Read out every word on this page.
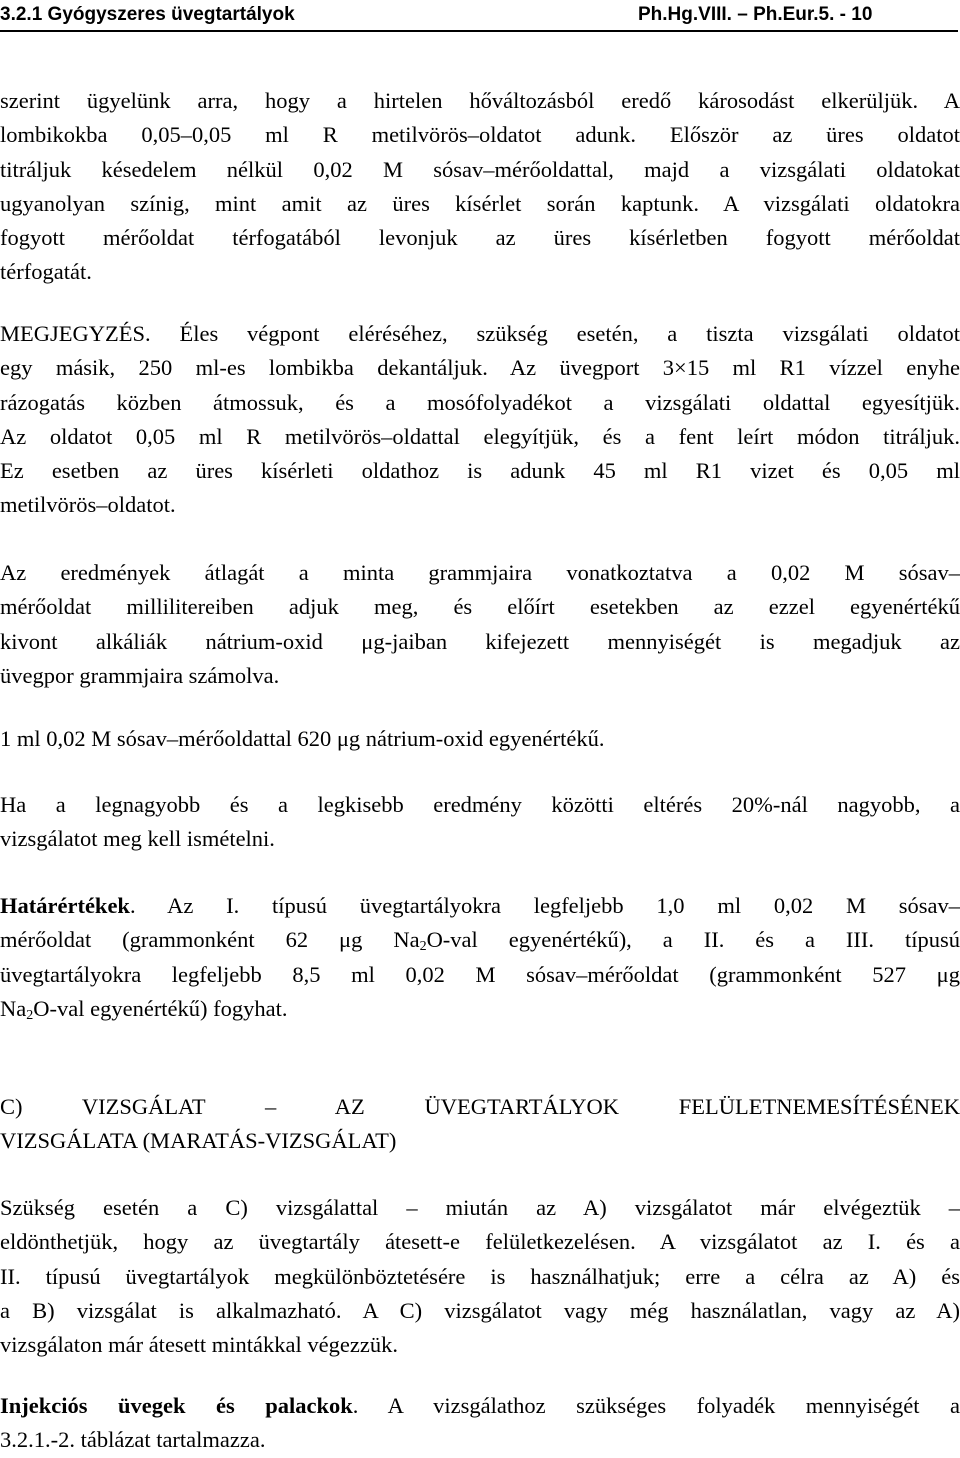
3.2.1 Gyógyszeres üvegtartályok	Ph.Hg.VIII. – Ph.Eur.5. - 10
szerint ügyelünk arra, hogy a hirtelen hőváltozásból eredő károsodást elkerüljük. A
lombikokba 0,05–0,05 ml R metilvörös–oldatot adunk. Először az üres oldatot
titráljuk késedelem nélkül 0,02 M sósav–mérőoldattal, majd a vizsgálati oldatokat
ugyanolyan színig, mint amit az üres kísérlet során kaptunk. A vizsgálati oldatokra
fogyott mérőoldat térfogatából levonjuk az üres kísérletben fogyott mérőoldat
térfogatát.
MEGJEGYZÉS. Éles végpont eléréséhez, szükség esetén, a tiszta vizsgálati oldatot
egy másik, 250 ml-es lombikba dekantáljuk. Az üvegport 3×15 ml R1 vízzel enyhe
rázogatás közben átmossuk, és a mosófolyadékot a vizsgálati oldattal egyesítjük.
Az oldatot 0,05 ml R metilvörös–oldattal elegyítjük, és a fent leírt módon titráljuk.
Ez esetben az üres kísérleti oldathoz is adunk 45 ml R1 vizet és 0,05 ml
metilvörös–oldatot.
Az eredmények átlagát a minta grammjaira vonatkoztatva a 0,02 M sósav–
mérőoldat millilitereiben adjuk meg, és előírt esetekben az ezzel egyenértékű
kivont alkáliák nátrium-oxid μg-jaiban kifejezett mennyiségét is megadjuk az
üvegpor grammjaira számolva.
1 ml 0,02 M sósav–mérőoldattal 620 μg nátrium-oxid egyenértékű.
Ha a legnagyobb és a legkisebb eredmény közötti eltérés 20%-nál nagyobb, a
vizsgálatot meg kell ismételni.
Határértékek. Az I. típusú üvegtartályokra legfeljebb 1,0 ml 0,02 M sósav–
mérőoldat (grammonként 62 μg $Na_2O$-val egyenértékű), a II. és a III. típusú
üvegtartályokra legfeljebb 8,5 ml 0,02 M sósav–mérőoldat (grammonként 527 μg
$Na_2O$-val egyenértékű) fogyhat.
C) VIZSGÁLAT – AZ ÜVEGTARTÁLYOK FELÜLETNEMESÍTÉSÉNEK
VIZSGÁLATA (MARATÁS-VIZSGÁLAT)
Szükség esetén a C) vizsgálattal – miután az A) vizsgálatot már elvégeztük –
eldönthetjük, hogy az üvegtartály átesett-e felületkezelésen. A vizsgálatot az I. és a
II. típusú üvegtartályok megkülönböztetésére is használhatjuk; erre a célra az A) és
a B) vizsgálat is alkalmazható. A C) vizsgálatot vagy még használatlan, vagy az A)
vizsgálaton már átesett mintákkal végezzük.
Injekciós üvegek és palackok. A vizsgálathoz szükséges folyadék mennyiségét a
3.2.1.-2. táblázat tartalmazza.
